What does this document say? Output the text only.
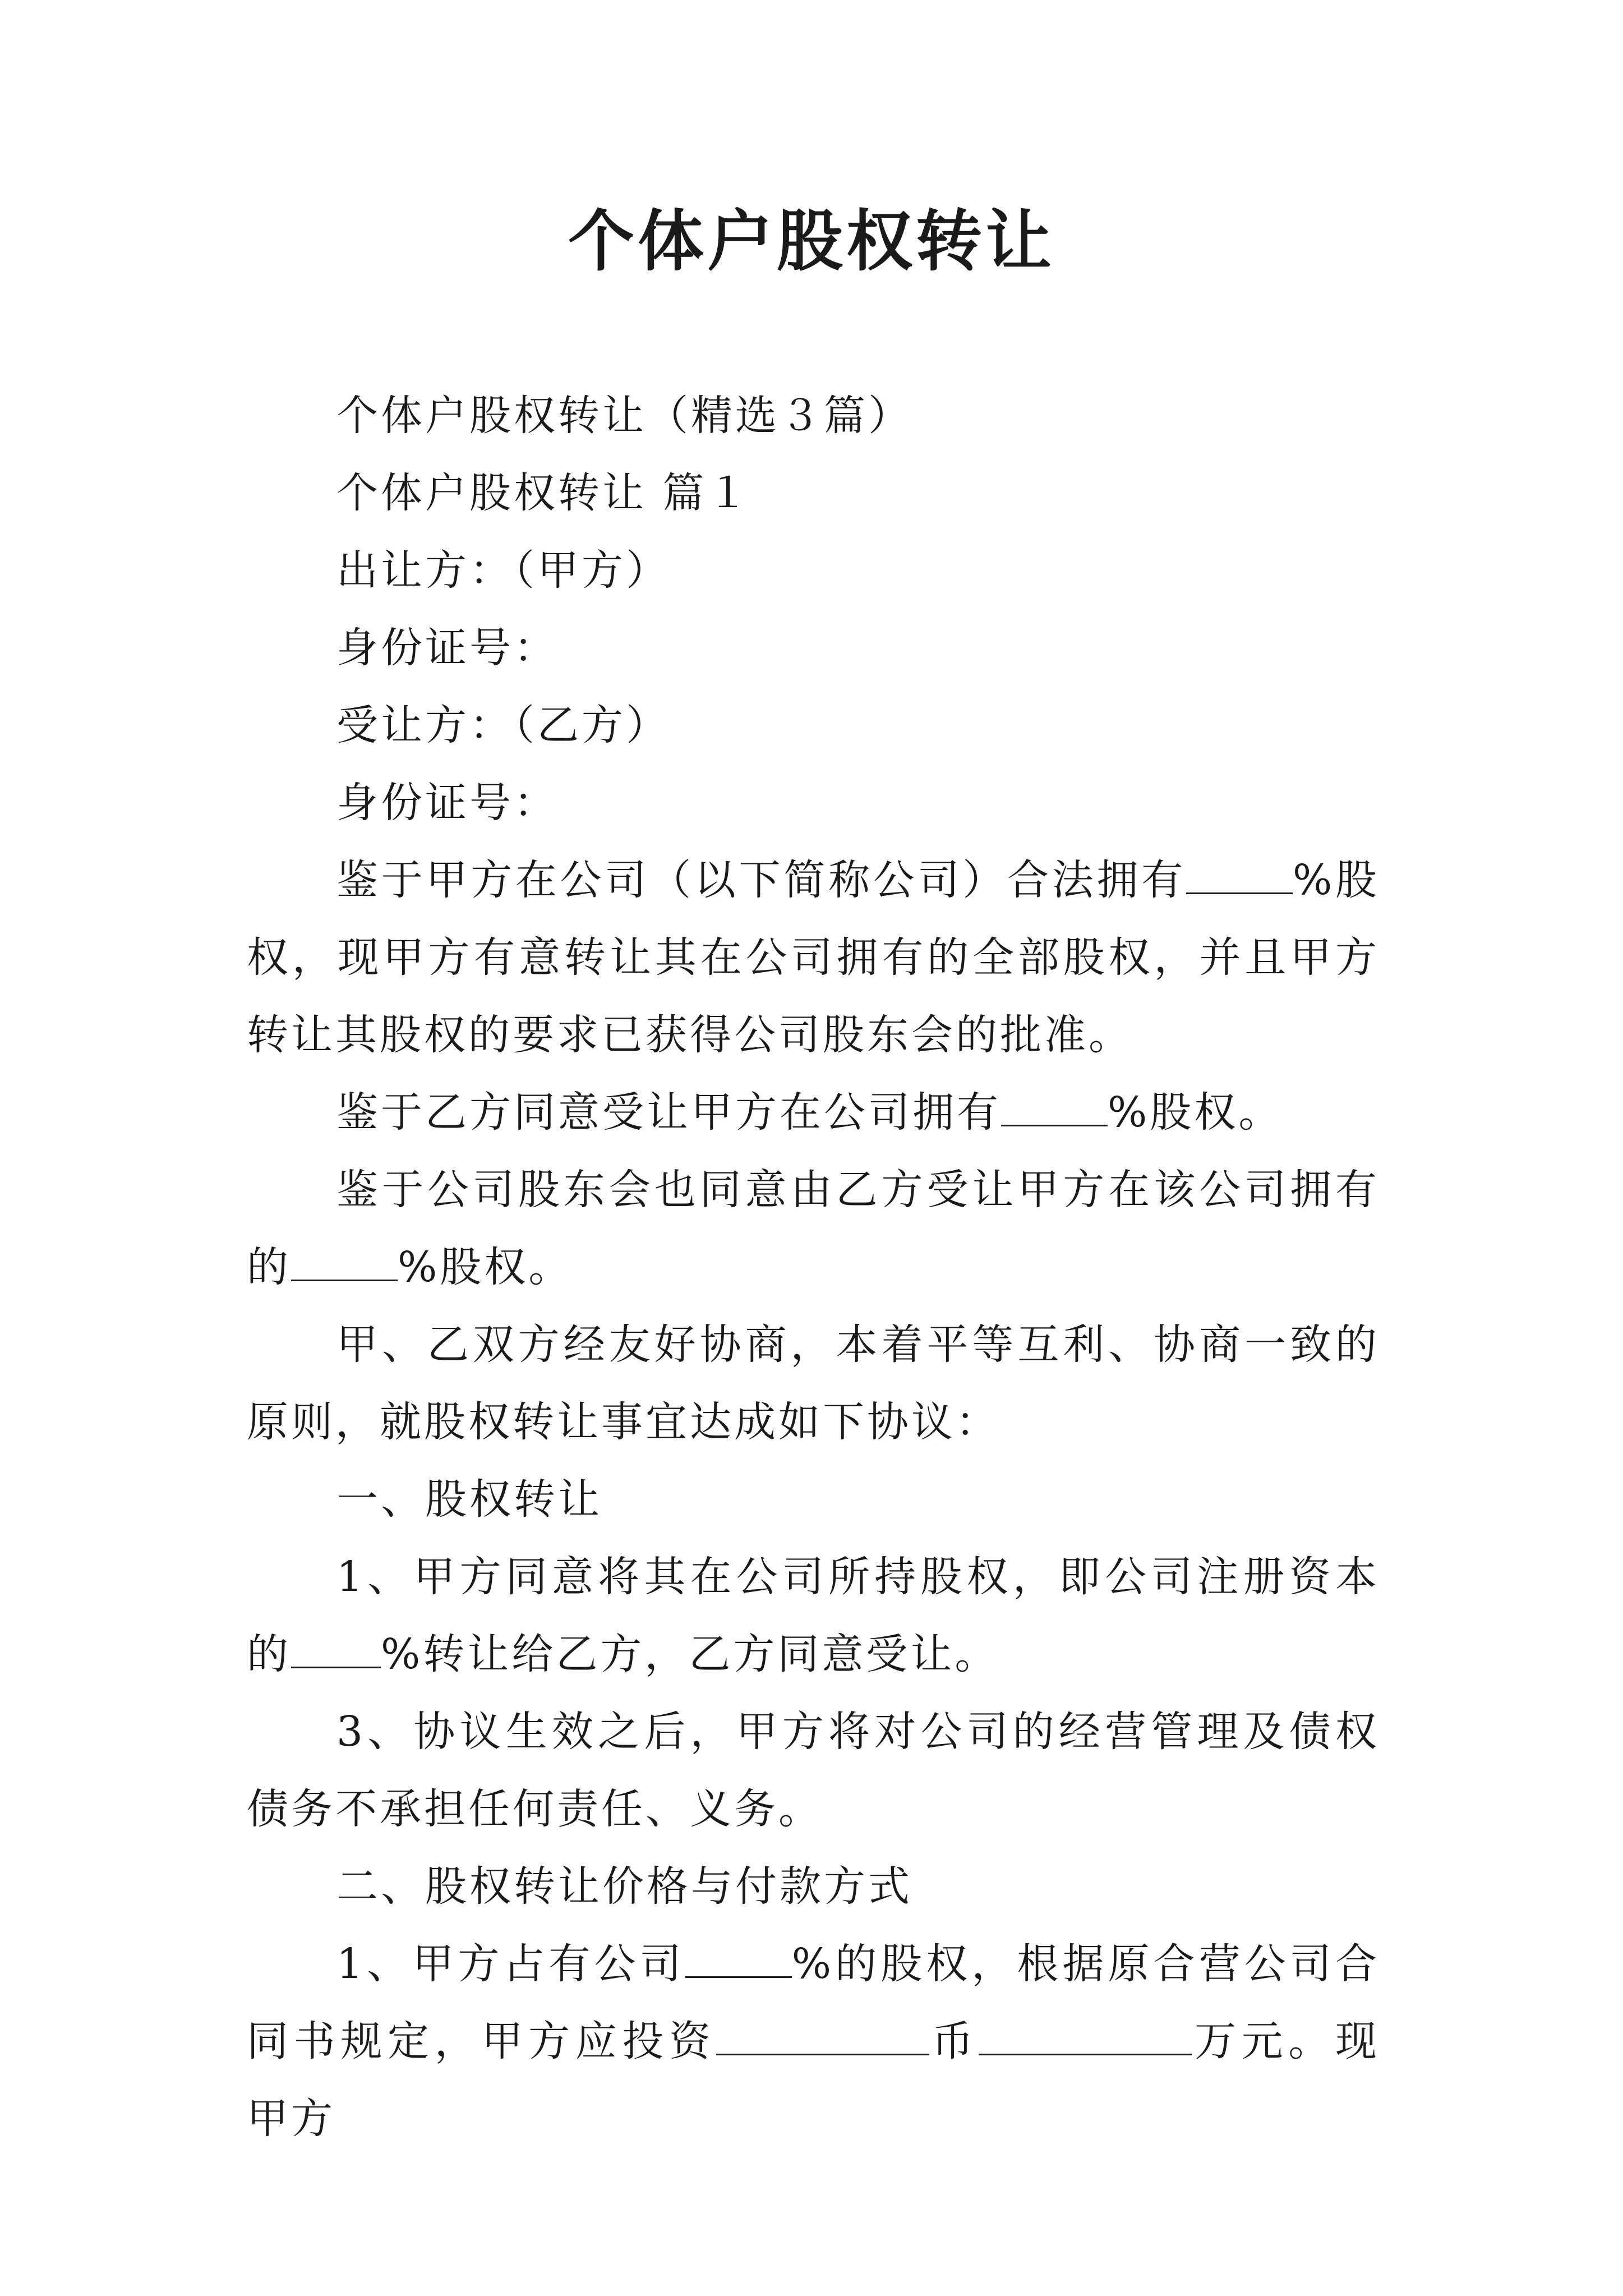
个体户股权转让

个体户股权转让（精选３篇）

个体户股权转让 篇１

出让方：（甲方）

身份证号：

受让方：（乙方）

身份证号：

鉴于甲方在公司（以下简称公司）合法拥有	%股权，现甲方有意转让其在公司拥有的全部股权，并且甲方转让其股权的要求已获得公司股东会的批准。

鉴于乙方同意受让甲方在公司拥有	%股权。

鉴于公司股东会也同意由乙方受让甲方在该公司拥有的	%股权。

甲、乙双方经友好协商，本着平等互利、协商一致的原则，就股权转让事宜达成如下协议：

一、股权转让

1、甲方同意将其在公司所持股权，即公司注册资本的 %转让给乙方，乙方同意受让。

3、协议生效之后，甲方将对公司的经营管理及债权债务不承担任何责任、义务。

二、股权转让价格与付款方式

1、甲方占有公司	%的股权，根据原合营公司合同书规定，甲方应投资	币	万元。现甲方
